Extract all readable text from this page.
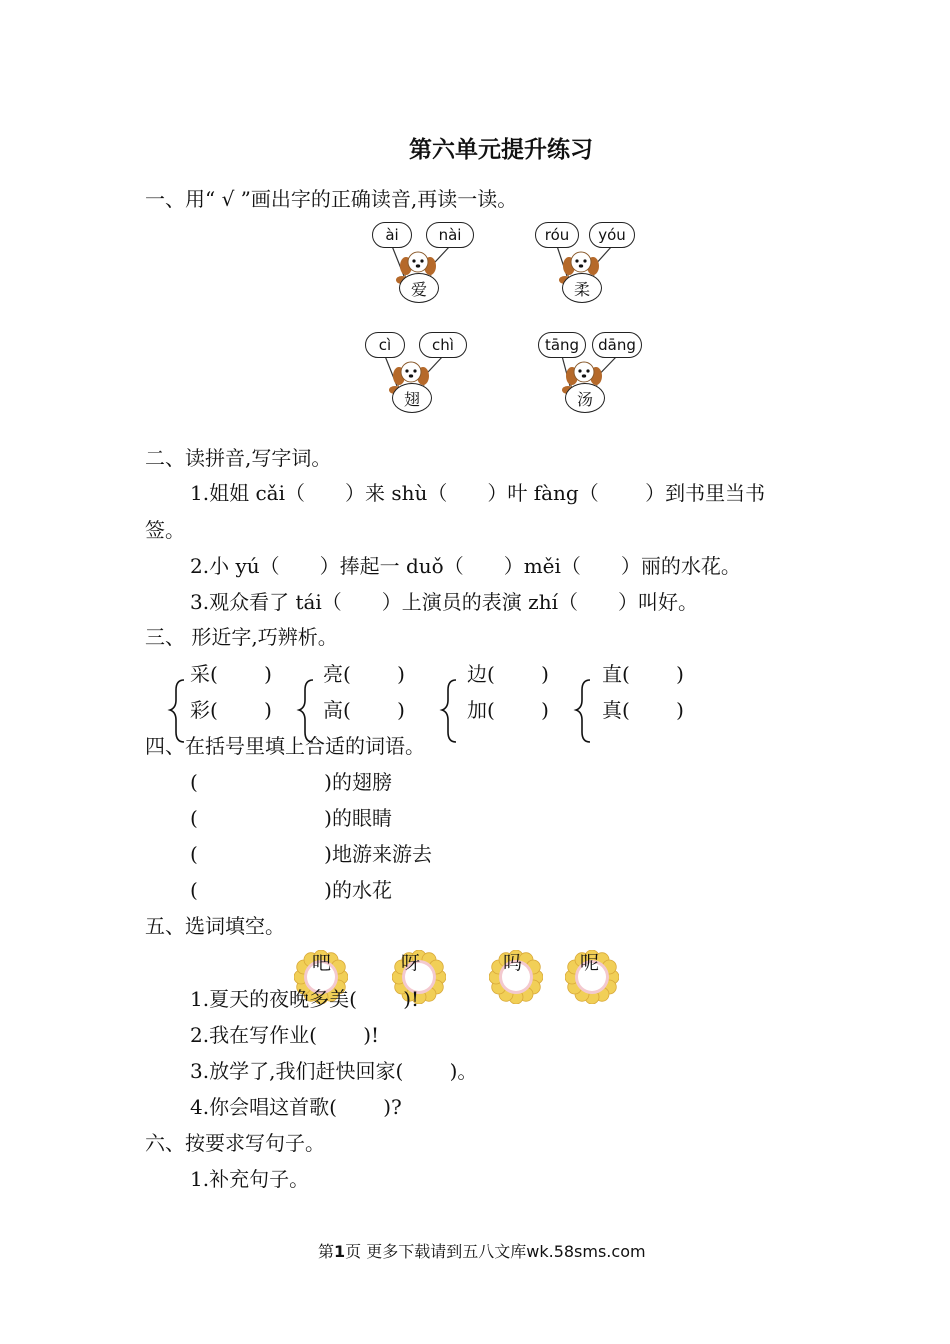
第六单元提升练习
一、用“ √ ”画出字的正确读音,再读一读。
ài	nài
爱
róu	yóu
柔
cì	chì
翅
tāng	dāng
汤
二、读拼音,写字词。
1.姐姐 cǎi（　　）来 shù（　　）叶 fàng（　　 ）到书里当书
签。
2.小 yú（　　）捧起一 duǒ（　　）měi（　　）丽的水花。
3.观众看了 tái（　　）上演员的表演 zhí（　　）叫好。
三、 形近字,巧辨析。
采(　　 )
彩(　　 )
亮(　　 )
高(　　 )
边(　　 )
加(　　 )
直(　　 )
真(　　 )
四、在括号里填上合适的词语。
(　　　　　　 )的翅膀
(　　　　　　 )的眼睛
(　　　　　　 )地游来游去
(　　　　　　 )的水花
五、选词填空。
吧	呀	吗	呢
1.夏天的夜晚多美(　　 )!
2.我在写作业(　　 )!
3.放学了,我们赶快回家(　　 )。
4.你会唱这首歌(　　 )?
六、按要求写句子。
1.补充句子。
第1页 更多下载请到五八文库wk.58sms.com
